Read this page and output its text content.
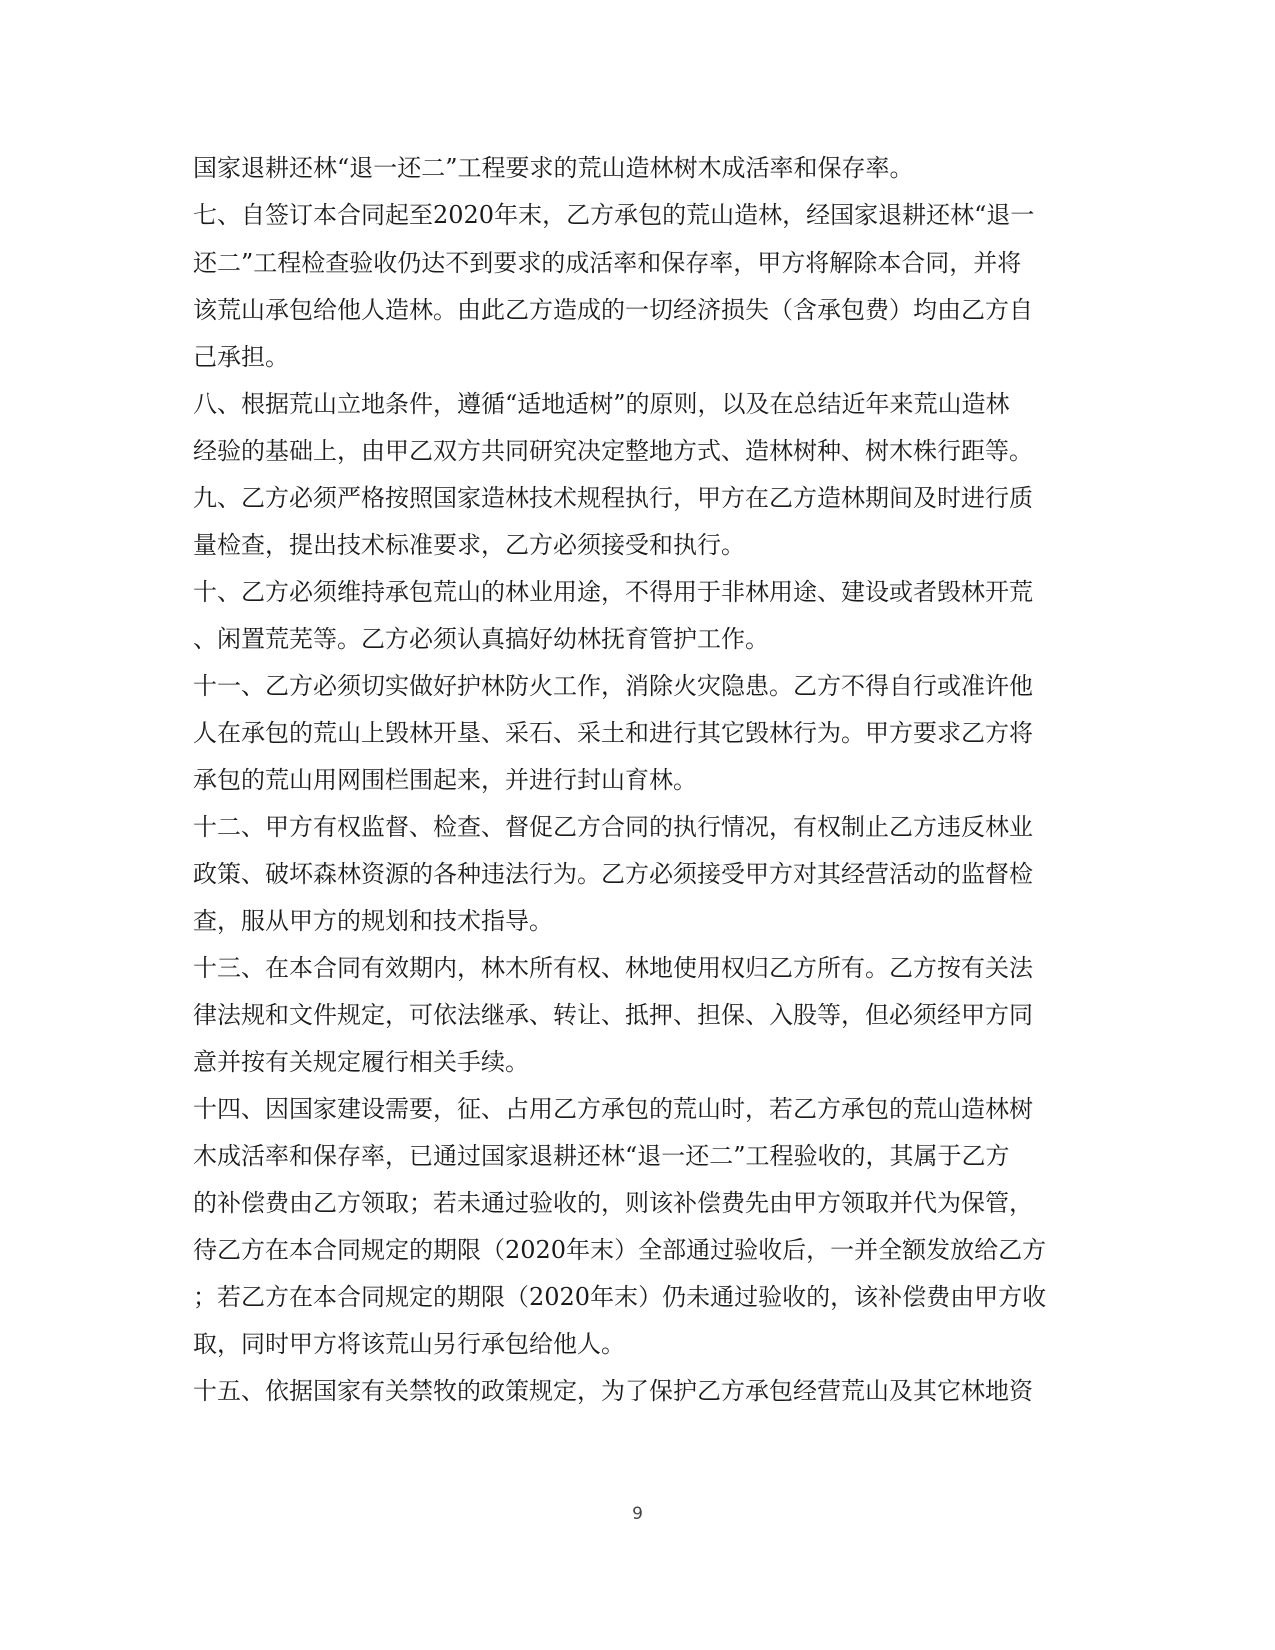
国家退耕还林“退一还二”工程要求的荒山造林树木成活率和保存率。
七、自签订本合同起至2020年末，乙方承包的荒山造林，经国家退耕还林“退一
还二”工程检查验收仍达不到要求的成活率和保存率，甲方将解除本合同，并将
该荒山承包给他人造林。由此乙方造成的一切经济损失（含承包费）均由乙方自
己承担。
八、根据荒山立地条件，遵循“适地适树”的原则，以及在总结近年来荒山造林
经验的基础上，由甲乙双方共同研究决定整地方式、造林树种、树木株行距等。
九、乙方必须严格按照国家造林技术规程执行，甲方在乙方造林期间及时进行质
量检查，提出技术标准要求，乙方必须接受和执行。
十、乙方必须维持承包荒山的林业用途，不得用于非林用途、建设或者毁林开荒
、闲置荒芜等。乙方必须认真搞好幼林抚育管护工作。
十一、乙方必须切实做好护林防火工作，消除火灾隐患。乙方不得自行或准许他
人在承包的荒山上毁林开垦、采石、采土和进行其它毁林行为。甲方要求乙方将
承包的荒山用网围栏围起来，并进行封山育林。
十二、甲方有权监督、检查、督促乙方合同的执行情况，有权制止乙方违反林业
政策、破坏森林资源的各种违法行为。乙方必须接受甲方对其经营活动的监督检
查，服从甲方的规划和技术指导。
十三、在本合同有效期内，林木所有权、林地使用权归乙方所有。乙方按有关法
律法规和文件规定，可依法继承、转让、抵押、担保、入股等，但必须经甲方同
意并按有关规定履行相关手续。
十四、因国家建设需要，征、占用乙方承包的荒山时，若乙方承包的荒山造林树
木成活率和保存率，已通过国家退耕还林“退一还二”工程验收的，其属于乙方
的补偿费由乙方领取；若未通过验收的，则该补偿费先由甲方领取并代为保管，
待乙方在本合同规定的期限（2020年末）全部通过验收后，一并全额发放给乙方
；若乙方在本合同规定的期限（2020年末）仍未通过验收的，该补偿费由甲方收
取，同时甲方将该荒山另行承包给他人。
十五、依据国家有关禁牧的政策规定，为了保护乙方承包经营荒山及其它林地资
9
